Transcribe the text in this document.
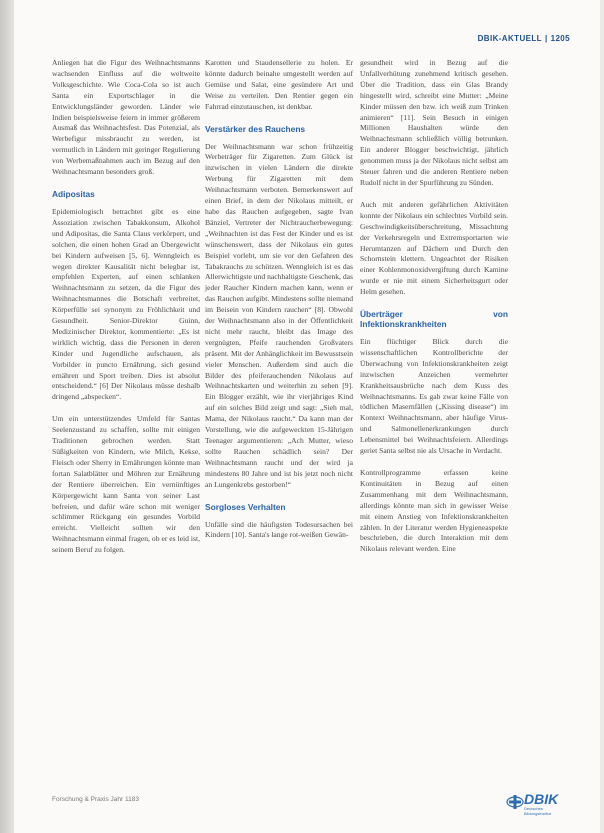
DBIK-AKTUELL | 1205

Anliegen hat die Figur des Weihnachtsmanns wachsenden Einfluss auf die weltweite Volksgeschichte. Wie Coca-Cola so ist auch Santa ein Exportschlager in die Entwicklungsländer geworden. Länder wie Indien beispielsweise feiern in immer größerem Ausmaß das Weihnachtsfest. Das Potenzial, als Werbefigur missbraucht zu werden, ist vermutlich in Ländern mit geringer Regulierung von Werbemaßnahmen auch im Bezug auf den Weihnachtsmann besonders groß.

Adipositas

Epidemiologisch betrachtet gibt es eine Assoziation zwischen Tabakkonsum, Alkohol und Adipositas, die Santa Claus verkörpert, und solchen, die einen hohen Grad an Übergewicht bei Kindern aufweisen [5, 6]. Wenngleich es wegen direkter Kausalität nicht belegbar ist, empfehlen Experten, auf einen schlanken Weihnachtsmann zu setzen, da die Figur des Weihnachtsmannes die Botschaft verbreitet, Körperfülle sei synonym zu Fröhlichkeit und Gesundheit. Senior-Direktor Guinn, Medizinischer Direktor, kommentierte: „Es ist wirklich wichtig, dass die Personen in deren Kinder und Jugendliche aufschauen, als Vorbilder in puncto Ernährung, sich gesund ernähren und Sport treiben. Dies ist absolut entscheidend.“ [6] Der Nikolaus müsse deshalb dringend „abspecken“.

Um ein unterstützendes Umfeld für Santas Seelenzustand zu schaffen, sollte mit einigen Traditionen gebrochen werden. Statt Süßigkeiten von Kindern, wie Milch, Kekse, Fleisch oder Sherry in Ernährungen könnte man fortan Salatblätter und Möhren zur Ernährung der Rentiere überreichen. Ein vernünftiges Körpergewicht kann Santa von seiner Last befreien, und dafür wäre schon mit weniger schlimmer Rückgang ein gesundes Vorbild erreicht. Vielleicht sollten wir den Weihnachtsmann einmal fragen, ob er es leid ist, seinem Beruf zu folgen.

Karotten und Staudensellerie zu holen. Er könnte dadurch beinahe umgestellt werden auf Gemüse und Salat, eine gesündere Art und Weise zu verteilen. Den Rentier gegen ein Fahrrad einzutauschen, ist denkbar.

Verstärker des Rauchens

Der Weihnachtsmann war schon frühzeitig Werbeträger für Zigaretten. Zum Glück ist inzwischen in vielen Ländern die direkte Werbung für Zigaretten mit dem Weihnachtsmann verboten. Bemerkenswert auf einen Brief, in dem der Nikolaus mitteilt, er habe das Rauchen aufgegeben, sagte Ivan Bänziel, Vertreter der Nichtraucherbewegung: „Weihnachten ist das Fest der Kinder und es ist wünschenswert, dass der Nikolaus ein gutes Beispiel vorlebt, um sie vor den Gefahren des Tabakrauchs zu schützen. Wenngleich ist es das Allerwichtigste und nachhaltigste Geschenk, das jeder Raucher Kindern machen kann, wenn er das Rauchen aufgibt. Mindestens sollte niemand im Beisein von Kindern rauchen“ [8]. Obwohl der Weihnachtsmann also in der Öffentlichkeit nicht mehr raucht, bleibt das Image des vergnügten, Pfeife rauchenden Großvaters präsent. Mit der Anhänglichkeit im Bewusstsein vieler Menschen. Außerdem sind auch die Bilder des pfeiferauchenden Nikolaus auf Weihnachtskarten und weiterhin zu sehen [9]. Ein Blogger erzählt, wie ihr vierjähriges Kind auf ein solches Bild zeigt und sagt: „Sieh mal, Mama, der Nikolaus raucht.“ Da kann man der Vorstellung, wie die aufgeweckten 15-Jährigen Teenager argumentieren: „Ach Mutter, wieso sollte Rauchen schädlich sein? Der Weihnachtsmann raucht und der wird ja mindestens 80 Jahre und ist bis jetzt noch nicht an Lungenkrebs gestorben!“

Sorgloses Verhalten

Unfälle sind die häufigsten Todesursachen bei Kindern [10]. Santa's lange rot-weißen Gewän-

gesundheit wird in Bezug auf die Unfallverhütung zunehmend kritisch gesehen. Über die Tradition, dass ein Glas Brandy hingestellt wird, schreibt eine Mutter: „Meine Kinder müssen den bzw. ich weiß zum Trinken animieren“ [11]. Sein Besuch in einigen Millionen Haushalten würde den Weihnachtsmann schließlich völlig betrunken. Ein anderer Blogger beschwichtigt, jährlich genommen muss ja der Nikolaus nicht selbst am Steuer fahren und die anderen Rentiere neben Rudolf nicht in der Spurführung zu Sünden.

Auch mit anderen gefährlichen Aktivitäten konnte der Nikolaus ein schlechtes Vorbild sein. Geschwindigkeitsüberschreitung, Missachtung der Verkehrsregeln und Extremsportarten wie Herumtanzen auf Dächern und Durch den Schornstein klettern. Ungeachtet der Risiken einer Kohlenmonoxidvergiftung durch Kamine wurde er nie mit einem Sicherheitsgurt oder Helm gesehen.

Überträger von Infektionskrankheiten

Ein flüchtiger Blick durch die wissenschaftlichen Kontrollberichte der Überwachung von Infektionskrankheiten zeigt inzwischen Anzeichen vermehrter Krankheitsausbrüche nach dem Kuss des Weihnachtsmanns. Es gab zwar keine Fälle von tödlichen Masernfällen („Kissing disease“) im Kontext Weihnachtsmann, aber häufige Virus- und Salmonellenerkrankungen durch Lebensmittel bei Weihnachtsfeiern. Allerdings geriet Santa selbst nie als Ursache in Verdacht.

Kontrollprogramme erfassen keine Kontinuitäten in Bezug auf einen Zusammenhang mit dem Weihnachtsmann, allerdings könnte man sich in gewisser Weise mit einem Anstieg von Infektionskrankheiten zählen. In der Literatur werden Hygieneaspekte beschrieben, die durch Interaktion mit dem Nikolaus relevant werden. Eine

Forschung & Praxis Jahr 1183	DBIK
Deutsches Bildungsinstitut
